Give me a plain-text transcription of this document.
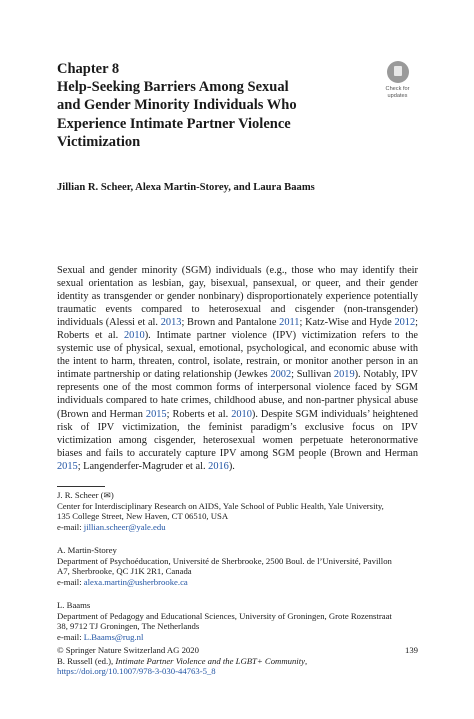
Chapter 8
Help-Seeking Barriers Among Sexual
and Gender Minority Individuals Who
Experience Intimate Partner Violence
Victimization
Check for
updates
Jillian R. Scheer, Alexa Martin-Storey, and Laura Baams

Sexual and gender minority (SGM) individuals (e.g., those who may identify their sexual orientation as lesbian, gay, bisexual, pansexual, or queer, and their gender identity as transgender or gender nonbinary) disproportionately experience potentially traumatic events compared to heterosexual and cisgender (non-transgender) individuals (Alessi et al. 2013; Brown and Pantalone 2011; Katz-Wise and Hyde 2012; Roberts et al. 2010). Intimate partner violence (IPV) victimization refers to the systemic use of physical, sexual, emotional, psychological, and economic abuse with the intent to harm, threaten, control, isolate, restrain, or monitor another person in an intimate partnership or dating relationship (Jewkes 2002; Sullivan 2019). Notably, IPV represents one of the most common forms of interpersonal violence faced by SGM individuals compared to hate crimes, childhood abuse, and non-partner physical abuse (Brown and Herman 2015; Roberts et al. 2010). Despite SGM individuals’ heightened risk of IPV victimization, the feminist paradigm’s exclusive focus on IPV victimization among cisgender, heterosexual women perpetuate heteronormative biases and fails to accurately capture IPV among SGM people (Brown and Herman 2015; Langenderfer-Magruder et al. 2016).

J. R. Scheer (✉)
Center for Interdisciplinary Research on AIDS, Yale School of Public Health, Yale University,
135 College Street, New Haven, CT 06510, USA
e-mail: jillian.scheer@yale.edu
A. Martin-Storey
Department of Psychoéducation, Université de Sherbrooke, 2500 Boul. de l’Université, Pavillon
A7, Sherbrooke, QC J1K 2R1, Canada
e-mail: alexa.martin@usherbrooke.ca
L. Baams
Department of Pedagogy and Educational Sciences, University of Groningen, Grote Rozenstraat
38, 9712 TJ Groningen, The Netherlands
e-mail: L.Baams@rug.nl
© Springer Nature Switzerland AG 2020	139
B. Russell (ed.), Intimate Partner Violence and the LGBT+ Community,
https://doi.org/10.1007/978-3-030-44763-5_8
